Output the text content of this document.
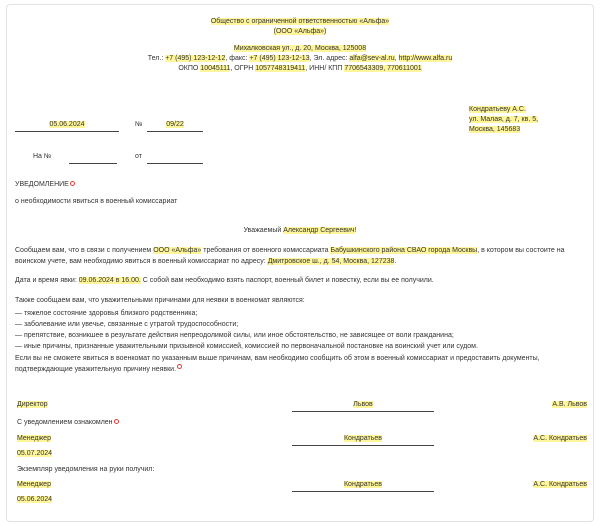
Общество с ограниченной ответственностью «Альфа»
(ООО «Альфа»)
Михалковская ул., д. 20, Москва, 125008
Тел.: +7 (495) 123-12-12, факс: +7 (495) 123-12-13, Эл. адрес: alfa@sev-al.ru, http://www.alfa.ru
ОКПО 10045111, ОГРН 1057748319411, ИНН/ КПП 7706543309, 770611001
Кондратьеву А.С.
ул. Малая, д. 7, кв. 5,
Москва, 145683
05.06.2024	№	09/22
На №	от
УВЕДОМЛЕНИЕ
о необходимости явиться в военный комиссариат
Уважаемый Александр Сергеевич!
Сообщаем вам, что в связи с получением ООО «Альфа» требования от военного комиссариата Бабушкинского района СВАО города Москвы, в котором вы состоите на воинском учете, вам необходимо явиться в военный комиссариат по адресу: Дмитровское ш., д. 54, Москва, 127238.
Дата и время явки: 09.06.2024 в 16.00. С собой вам необходимо взять паспорт, военный билет и повестку, если вы ее получили.
Также сообщаем вам, что уважительными причинами для неявки в военкомат являются:
— тяжелое состояние здоровья близкого родственника;
— заболевание или увечье, связанные с утратой трудоспособности;
— препятствие, возникшее в результате действия непреодолимой силы, или иное обстоятельство, не зависящее от воли гражданина;
— иные причины, признанные уважительными призывной комиссией, комиссией по первоначальной постановке на воинский учет или судом.
Если вы не сможете явиться в военкомат по указанным выше причинам, вам необходимо сообщить об этом в военный комиссариат и предоставить документы, подтверждающие уважительную причину неявки.
Директор	Львов	А.В. Львов
С уведомлением ознакомлен
Менеджер	Кондратьев	А.С. Кондратьев
05.07.2024
Экземпляр уведомления на руки получил:
Менеджер	Кондратьев	А.С. Кондратьев
05.06.2024
